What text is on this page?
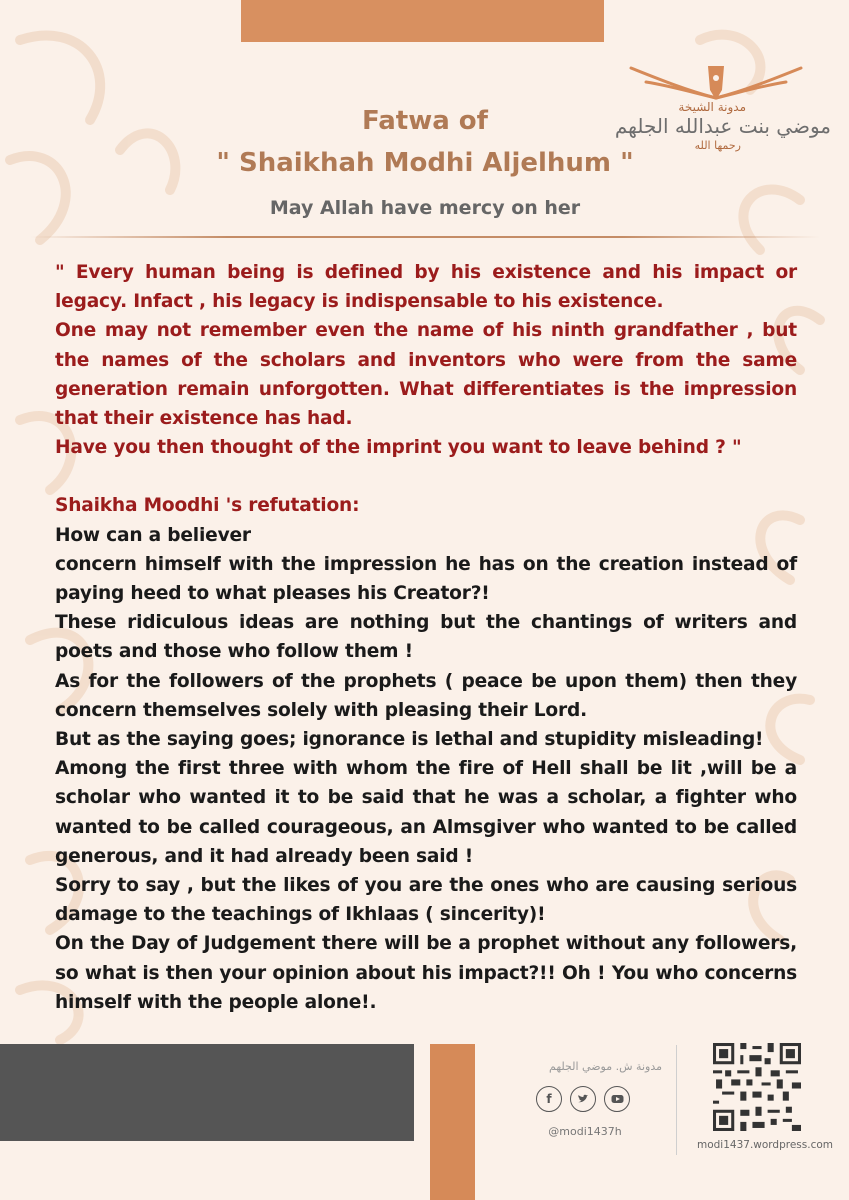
مدونة الشيخة
موضي بنت عبدالله الجلهم
رحمها الله
Fatwa of
" Shaikhah Modhi Aljelhum "
May Allah have mercy on her

" Every human being is defined by his existence and his impact or legacy. Infact , his legacy is indispensable to his existence.

One may not remember even the name of his ninth grandfather , but the names of the scholars and inventors who were from the same generation remain unforgotten. What differentiates is the impression that their existence has had.

Have you then thought of the imprint you want to leave behind ? "

Shaikha Moodhi 's refutation:

How can a believer

concern himself with the impression he has on the creation instead of paying heed to what pleases his Creator?!

These ridiculous ideas are nothing but the chantings of writers and poets and those who follow them !

As for the followers of the prophets ( peace be upon them) then they concern themselves solely with pleasing their Lord.

But as the saying goes; ignorance is lethal and stupidity misleading!

Among the first three with whom the fire of Hell shall be lit ,will be a scholar who wanted it to be said that he was a scholar, a fighter who wanted to be called courageous, an Almsgiver who wanted to be called generous, and it had already been said !

Sorry to say , but the likes of you are the ones who are causing serious damage to the teachings of Ikhlaas ( sincerity)!

On the Day of Judgement there will be a prophet without any followers, so what is then your opinion about his impact?!! Oh ! You who concerns himself with the people alone!.

مدونة ش. موضي الجلهم
f
@modi1437h
modi1437.wordpress.com
